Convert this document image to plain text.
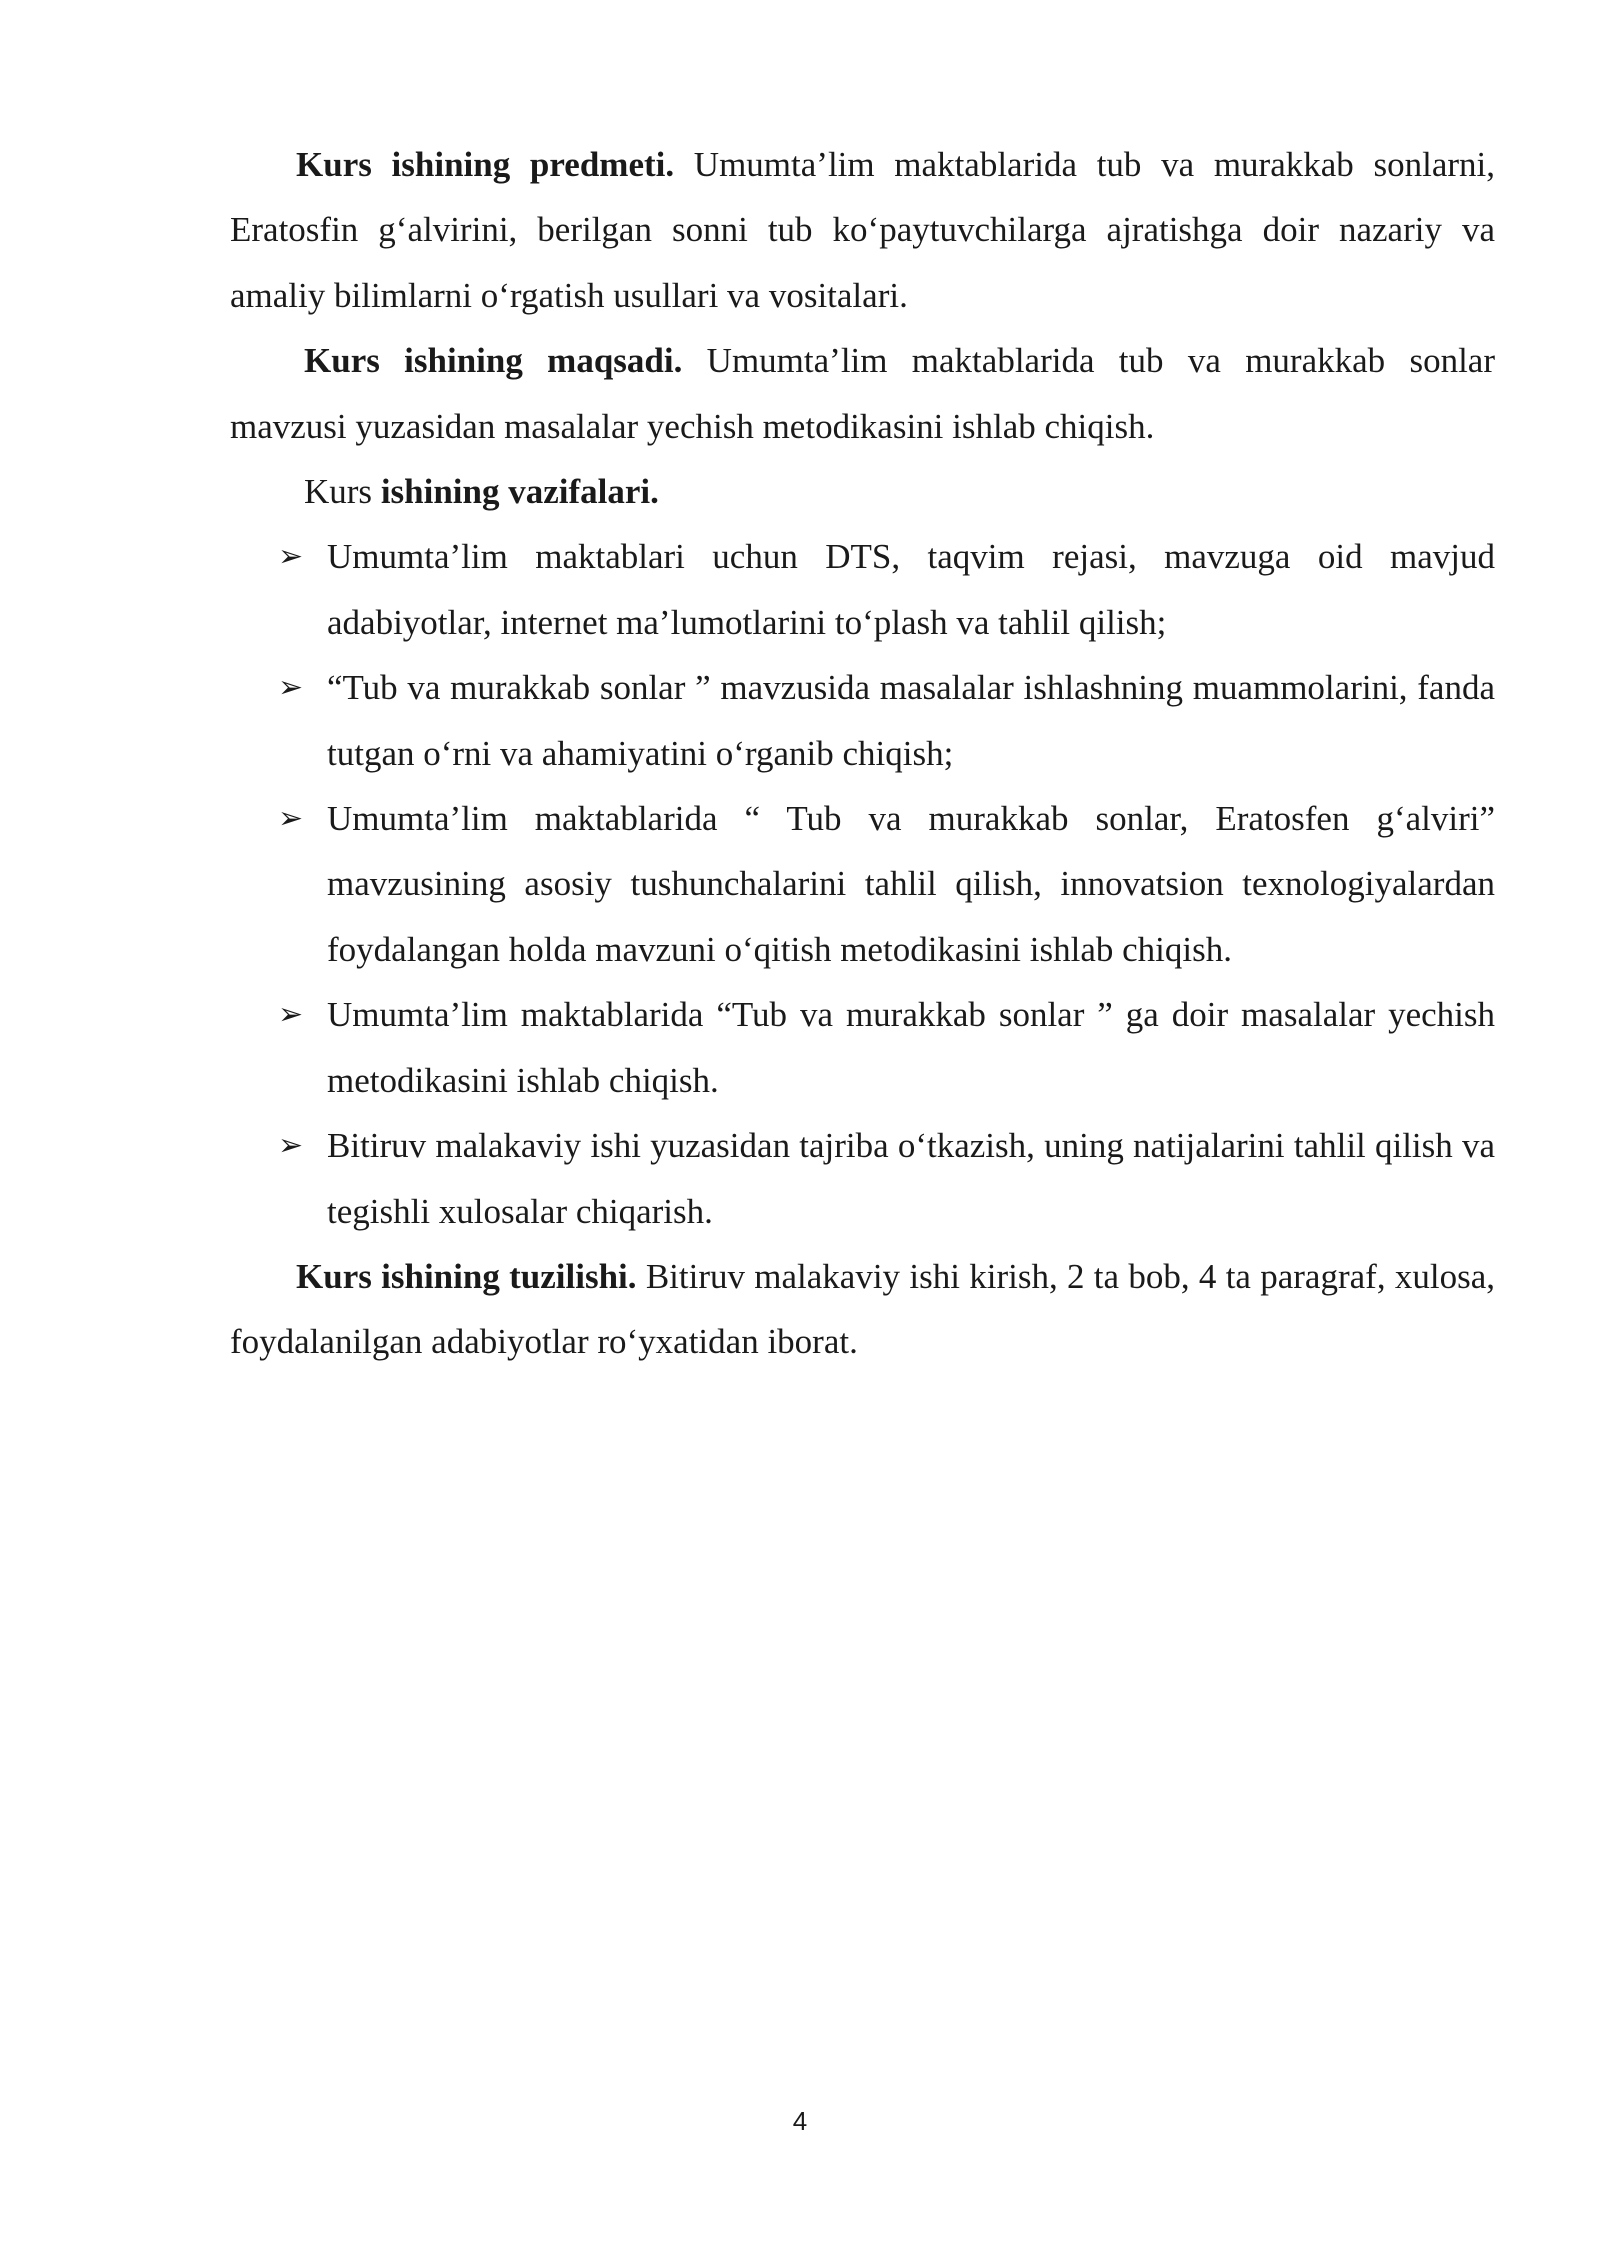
Kurs ishining predmeti. Umumta’lim maktablarida tub va murakkab sonlarni, Eratosfin g‘alvirini, berilgan sonni tub ko‘paytuvchilarga ajratishga doir nazariy va amaliy bilimlarni o‘rgatish usullari va vositalari.

Kurs ishining maqsadi. Umumta’lim maktablarida tub va murakkab sonlar mavzusi yuzasidan masalalar yechish metodikasini ishlab chiqish.

Kurs ishining vazifalari.

➢ Umumta’lim maktablari uchun DTS, taqvim rejasi, mavzuga oid mavjud adabiyotlar, internet ma’lumotlarini to‘plash va tahlil qilish;
➢ “Tub va murakkab sonlar ” mavzusida masalalar ishlashning muammolarini, fanda tutgan o‘rni va ahamiyatini o‘rganib chiqish;
➢ Umumta’lim maktablarida “ Tub va murakkab sonlar, Eratosfen g‘alviri” mavzusining asosiy tushunchalarini tahlil qilish, innovatsion texnologiyalardan foydalangan holda mavzuni o‘qitish metodikasini ishlab chiqish.
➢ Umumta’lim maktablarida “Tub va murakkab sonlar ” ga doir masalalar yechish metodikasini ishlab chiqish.
➢ Bitiruv malakaviy ishi yuzasidan tajriba o‘tkazish, uning natijalarini tahlil qilish va tegishli xulosalar chiqarish.

Kurs ishining tuzilishi. Bitiruv malakaviy ishi kirish, 2 ta bob, 4 ta paragraf, xulosa, foydalanilgan adabiyotlar ro‘yxatidan iborat.

4
